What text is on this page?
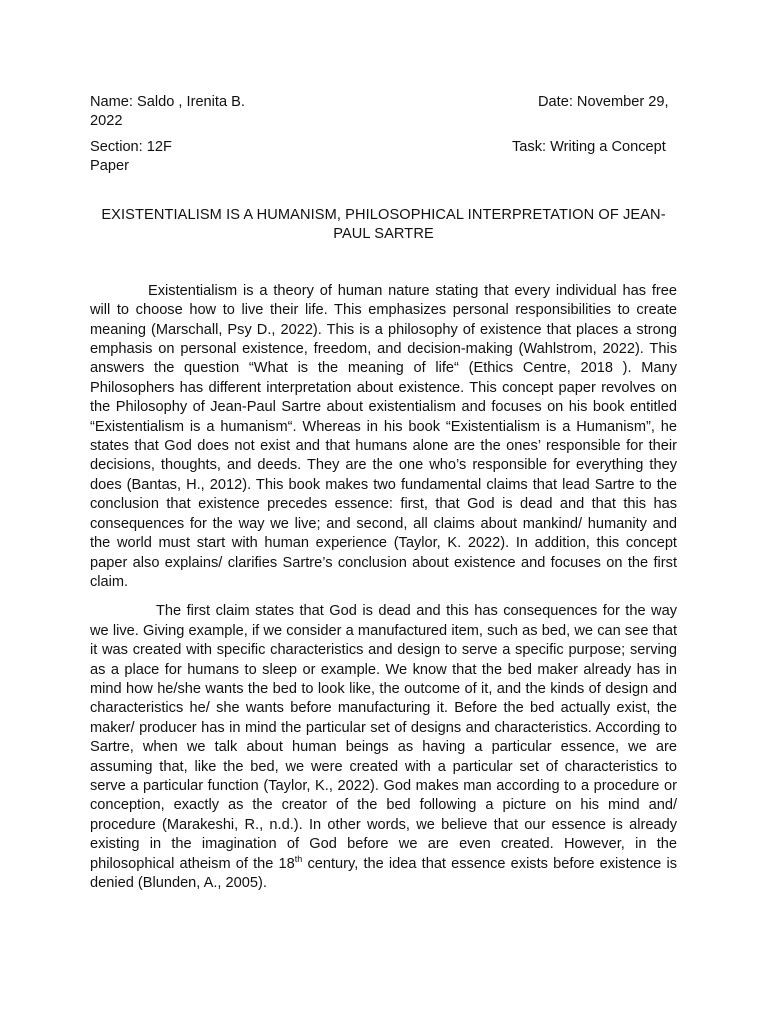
Name: Saldo , Irenita B.
2022
Date: November 29,
Section: 12F
Paper
Task: Writing a Concept
EXISTENTIALISM IS A HUMANISM, PHILOSOPHICAL INTERPRETATION OF JEAN-
PAUL SARTRE

Existentialism is a theory of human nature stating that every individual has free will to choose how to live their life. This emphasizes personal responsibilities to create meaning (Marschall, Psy D., 2022). This is a philosophy of existence that places a strong emphasis on personal existence, freedom, and decision-making (Wahlstrom, 2022). This answers the question “What is the meaning of life“ (Ethics Centre, 2018 ). Many Philosophers has different interpretation about existence. This concept paper revolves on the Philosophy of Jean-Paul Sartre about existentialism and focuses on his book entitled “Existentialism is a humanism“. Whereas in his book “Existentialism is a Humanism”, he states that God does not exist and that humans alone are the ones’ responsible for their decisions, thoughts, and deeds. They are the one who’s responsible for everything they does (Bantas, H., 2012). This book makes two fundamental claims that lead Sartre to the conclusion that existence precedes essence: first, that God is dead and that this has consequences for the way we live; and second, all claims about mankind/ humanity and the world must start with human experience (Taylor, K. 2022). In addition, this concept paper also explains/ clarifies Sartre’s conclusion about existence and focuses on the first claim.

The first claim states that God is dead and this has consequences for the way we live. Giving example, if we consider a manufactured item, such as bed, we can see that it was created with specific characteristics and design to serve a specific purpose; serving as a place for humans to sleep or example. We know that the bed maker already has in mind how he/she wants the bed to look like, the outcome of it, and the kinds of design and characteristics he/ she wants before manufacturing it. Before the bed actually exist, the maker/ producer has in mind the particular set of designs and characteristics. According to Sartre, when we talk about human beings as having a particular essence, we are assuming that, like the bed, we were created with a particular set of characteristics to serve a particular function (Taylor, K., 2022). God makes man according to a procedure or conception, exactly as the creator of the bed following a picture on his mind and/ procedure (Marakeshi, R., n.d.). In other words, we believe that our essence is already existing in the imagination of God before we are even created. However, in the philosophical atheism of the 18th century, the idea that essence exists before existence is denied (Blunden, A., 2005).
